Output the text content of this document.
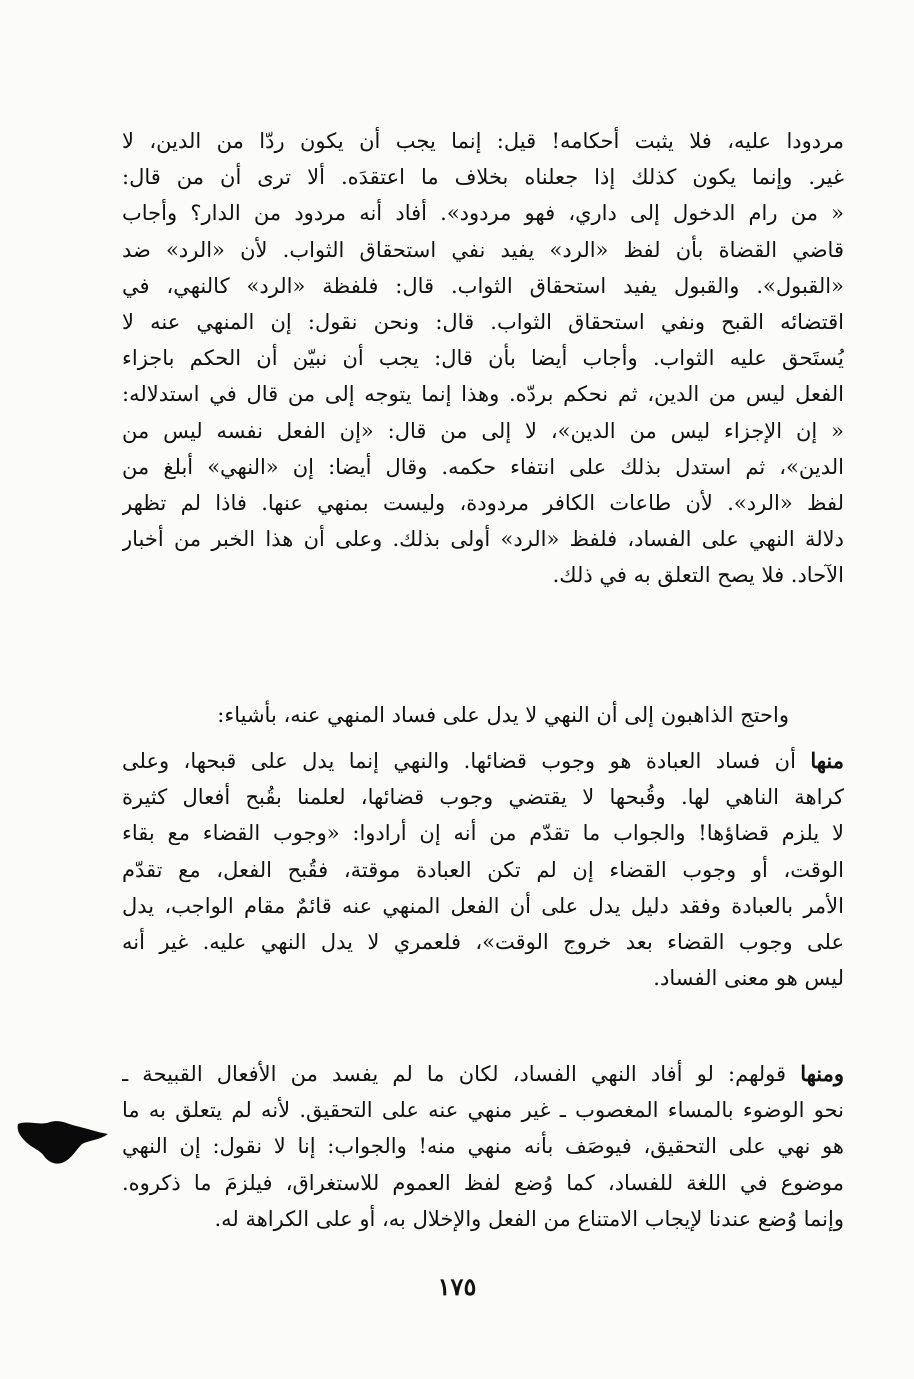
مردودا عليه، فلا يثبت أحكامه! قيل: إنما يجب أن يكون ردّا من الدين، لا
غير. وإنما يكون كذلك إذا جعلناه بخلاف ما اعتقدَه. ألا ترى أن من قال:
« من رام الدخول إلى داري، فهو مردود». أفاد أنه مردود من الدار؟ وأجاب
قاضي القضاة بأن لفظ «الرد» يفيد نفي استحقاق الثواب. لأن «الرد» ضد
«القبول». والقبول يفيد استحقاق الثواب. قال: فلفظة «الرد» كالنهي، في
اقتضائه القبح ونفي استحقاق الثواب. قال: ونحن نقول: إن المنهي عنه لا
يُستَحق عليه الثواب. وأجاب أيضا بأن قال: يجب أن نبيّن أن الحكم باجزاء
الفعل ليس من الدين، ثم نحكم بردّه. وهذا إنما يتوجه إلى من قال في استدلاله:
« إن الإجزاء ليس من الدين»، لا إلى من قال: «إن الفعل نفسه ليس من
الدين»، ثم استدل بذلك على انتفاء حكمه. وقال أيضا: إن «النهي» أبلغ من
لفظ «الرد». لأن طاعات الكافر مردودة، وليست بمنهي عنها. فاذا لم تظهر
دلالة النهي على الفساد، فلفظ «الرد» أولى بذلك. وعلى أن هذا الخبر من أخبار
الآحاد. فلا يصح التعلق به في ذلك.
واحتج الذاهبون إلى أن النهي لا يدل على فساد المنهي عنه، بأشياء:
منها أن فساد العبادة هو وجوب قضائها. والنهي إنما يدل على قبحها، وعلى
كراهة الناهي لها. وقُبحها لا يقتضي وجوب قضائها، لعلمنا بقُبح أفعال كثيرة
لا يلزم قضاؤها! والجواب ما تقدّم من أنه إن أرادوا: «وجوب القضاء مع بقاء
الوقت، أو وجوب القضاء إن لم تكن العبادة موقتة، فقُبح الفعل، مع تقدّم
الأمر بالعبادة وفقد دليل يدل على أن الفعل المنهي عنه قائمٌ مقام الواجب، يدل
على وجوب القضاء بعد خروج الوقت»، فلعمري لا يدل النهي عليه. غير أنه
ليس هو معنى الفساد.
ومنها قولهم: لو أفاد النهي الفساد، لكان ما لم يفسد من الأفعال القبيحة ـ
نحو الوضوء بالمساء المغصوب ـ غير منهي عنه على التحقيق. لأنه لم يتعلق به ما
هو نهي على التحقيق، فيوصَف بأنه منهي منه! والجواب: إنا لا نقول: إن النهي
موضوع في اللغة للفساد، كما وُضع لفظ العموم للاستغراق، فيلزمَ ما ذكروه.
وإنما وُضع عندنا لإيجاب الامتناع من الفعل والإخلال به، أو على الكراهة له.
١٧٥
